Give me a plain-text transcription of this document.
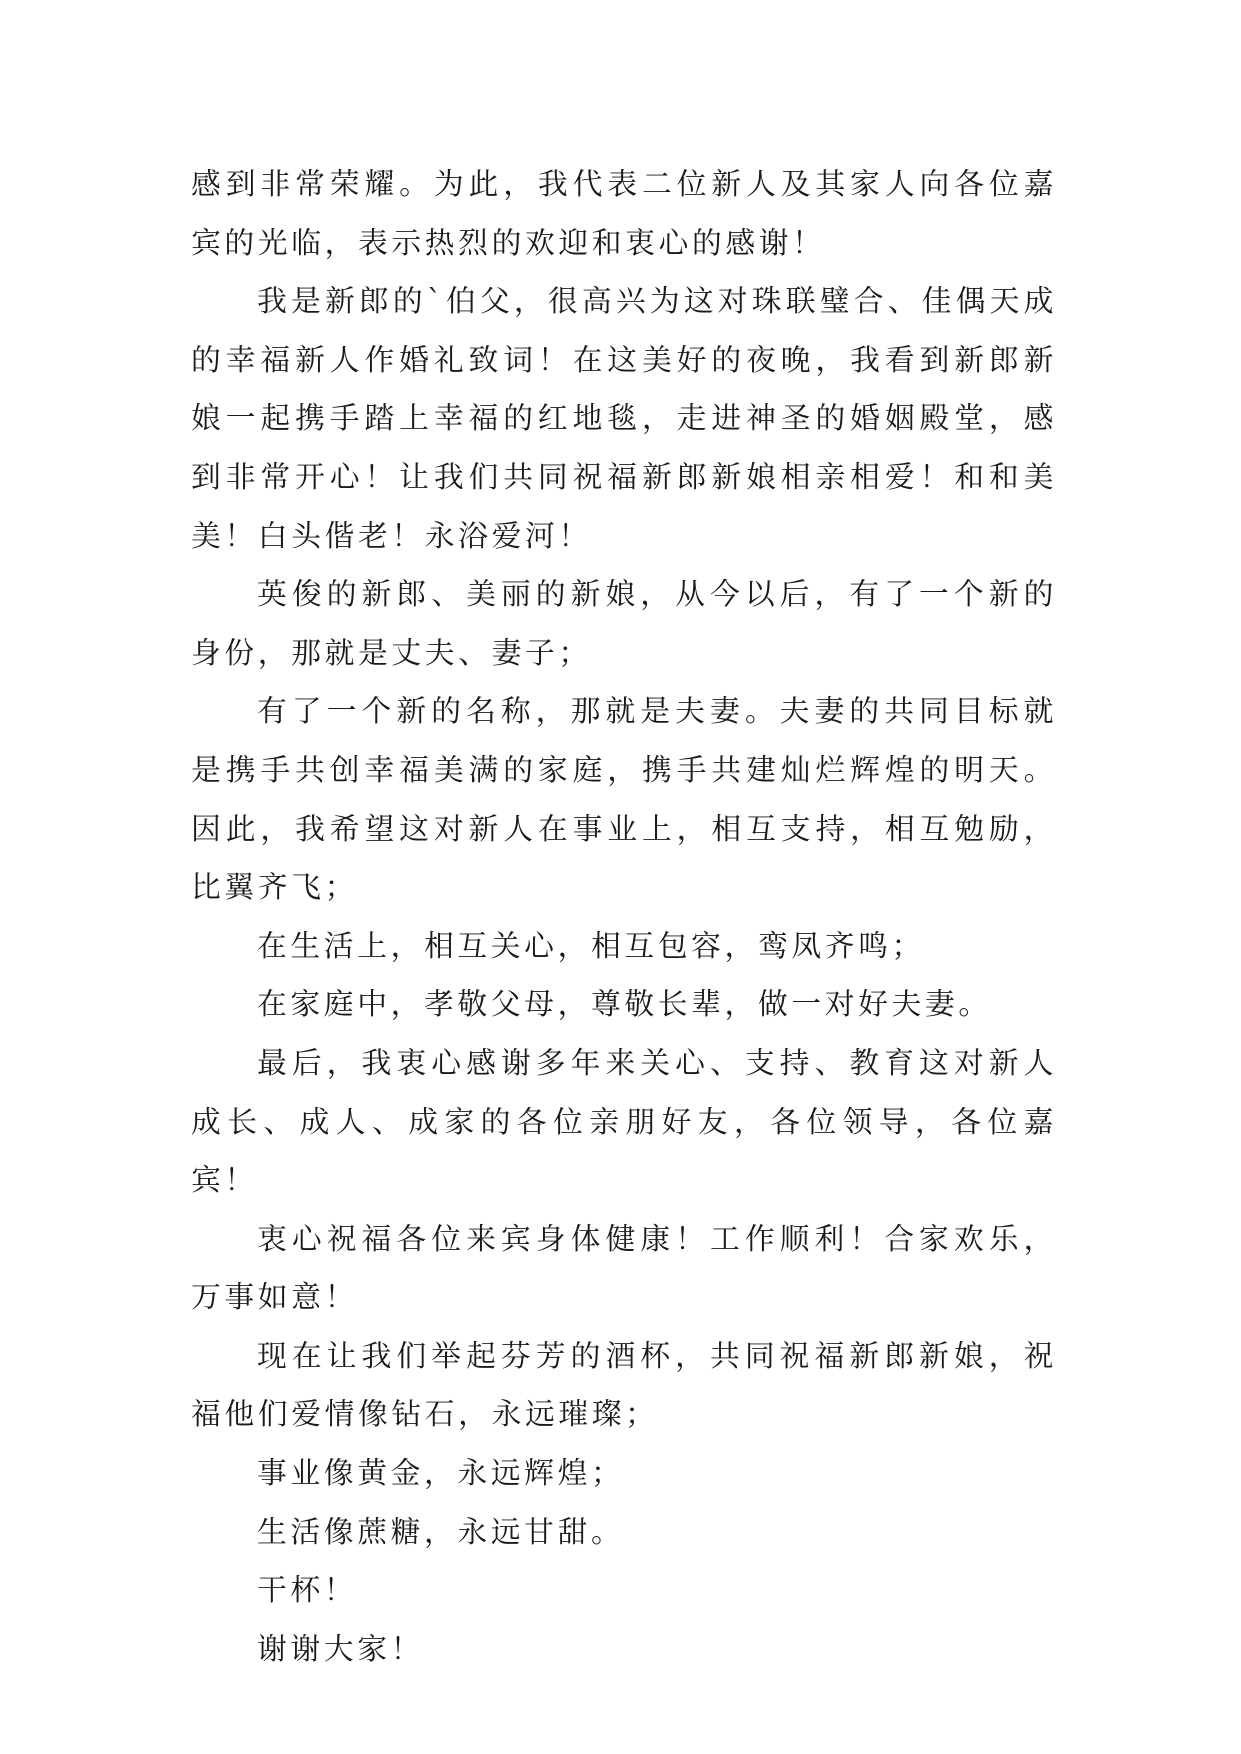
感到非常荣耀。为此，我代表二位新人及其家人向各位嘉宾的光临，表示热烈的欢迎和衷心的感谢！

我是新郎的`伯父，很高兴为这对珠联璧合、佳偶天成的幸福新人作婚礼致词！在这美好的夜晚，我看到新郎新娘一起携手踏上幸福的红地毯，走进神圣的婚姻殿堂，感到非常开心！让我们共同祝福新郎新娘相亲相爱！和和美美！白头偕老！永浴爱河！

英俊的新郎、美丽的新娘，从今以后，有了一个新的身份，那就是丈夫、妻子；

有了一个新的名称，那就是夫妻。夫妻的共同目标就是携手共创幸福美满的家庭，携手共建灿烂辉煌的明天。因此，我希望这对新人在事业上，相互支持，相互勉励，比翼齐飞；

在生活上，相互关心，相互包容，鸾凤齐鸣；

在家庭中，孝敬父母，尊敬长辈，做一对好夫妻。

最后，我衷心感谢多年来关心、支持、教育这对新人成长、成人、成家的各位亲朋好友，各位领导，各位嘉宾！

衷心祝福各位来宾身体健康！工作顺利！合家欢乐，万事如意！

现在让我们举起芬芳的酒杯，共同祝福新郎新娘，祝福他们爱情像钻石，永远璀璨；

事业像黄金，永远辉煌；

生活像蔗糖，永远甘甜。

干杯！

谢谢大家！
